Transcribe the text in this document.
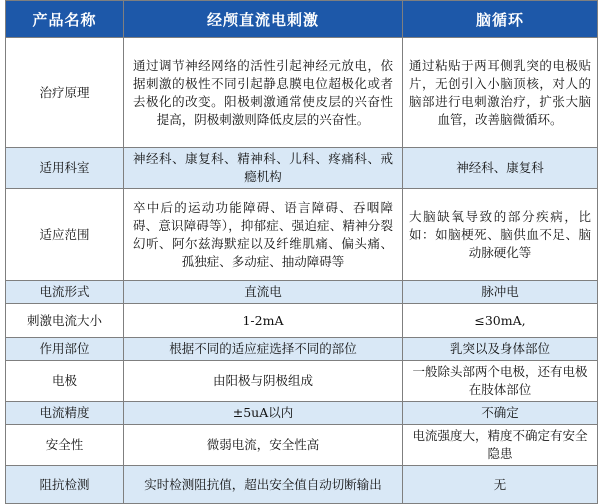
产品名称	经颅直流电刺激	脑循环
治疗原理	通过调节神经网络的活性引起神经元放电，依据刺激的极性不同引起静息膜电位超极化或者去极化的改变。阳极刺激通常使皮层的兴奋性提高，阴极刺激则降低皮层的兴奋性。	通过粘贴于两耳侧乳突的电极贴片，无创引入小脑顶核，对人的脑部进行电刺激治疗，扩张大脑血管，改善脑微循环。
适用科室	神经科、康复科、精神科、儿科、疼痛科、戒瘾机构	神经科、康复科
适应范围	卒中后的运动功能障碍、语言障碍、吞咽障碍、意识障碍等），抑郁症、强迫症、精神分裂幻听、阿尔兹海默症以及纤维肌痛、偏头痛、孤独症、多动症、抽动障碍等	大脑缺氧导致的部分疾病，比如：如脑梗死、脑供血不足、脑动脉硬化等
电流形式	直流电	脉冲电
刺激电流大小	1-2mA	≤30mA,
作用部位	根据不同的适应症选择不同的部位	乳突以及身体部位
电极	由阳极与阴极组成	一般除头部两个电极，还有电极在肢体部位
电流精度	±5uA以内	不确定
安全性	微弱电流，安全性高	电流强度大，精度不确定有安全隐患
阻抗检测	实时检测阻抗值，超出安全值自动切断输出	无
